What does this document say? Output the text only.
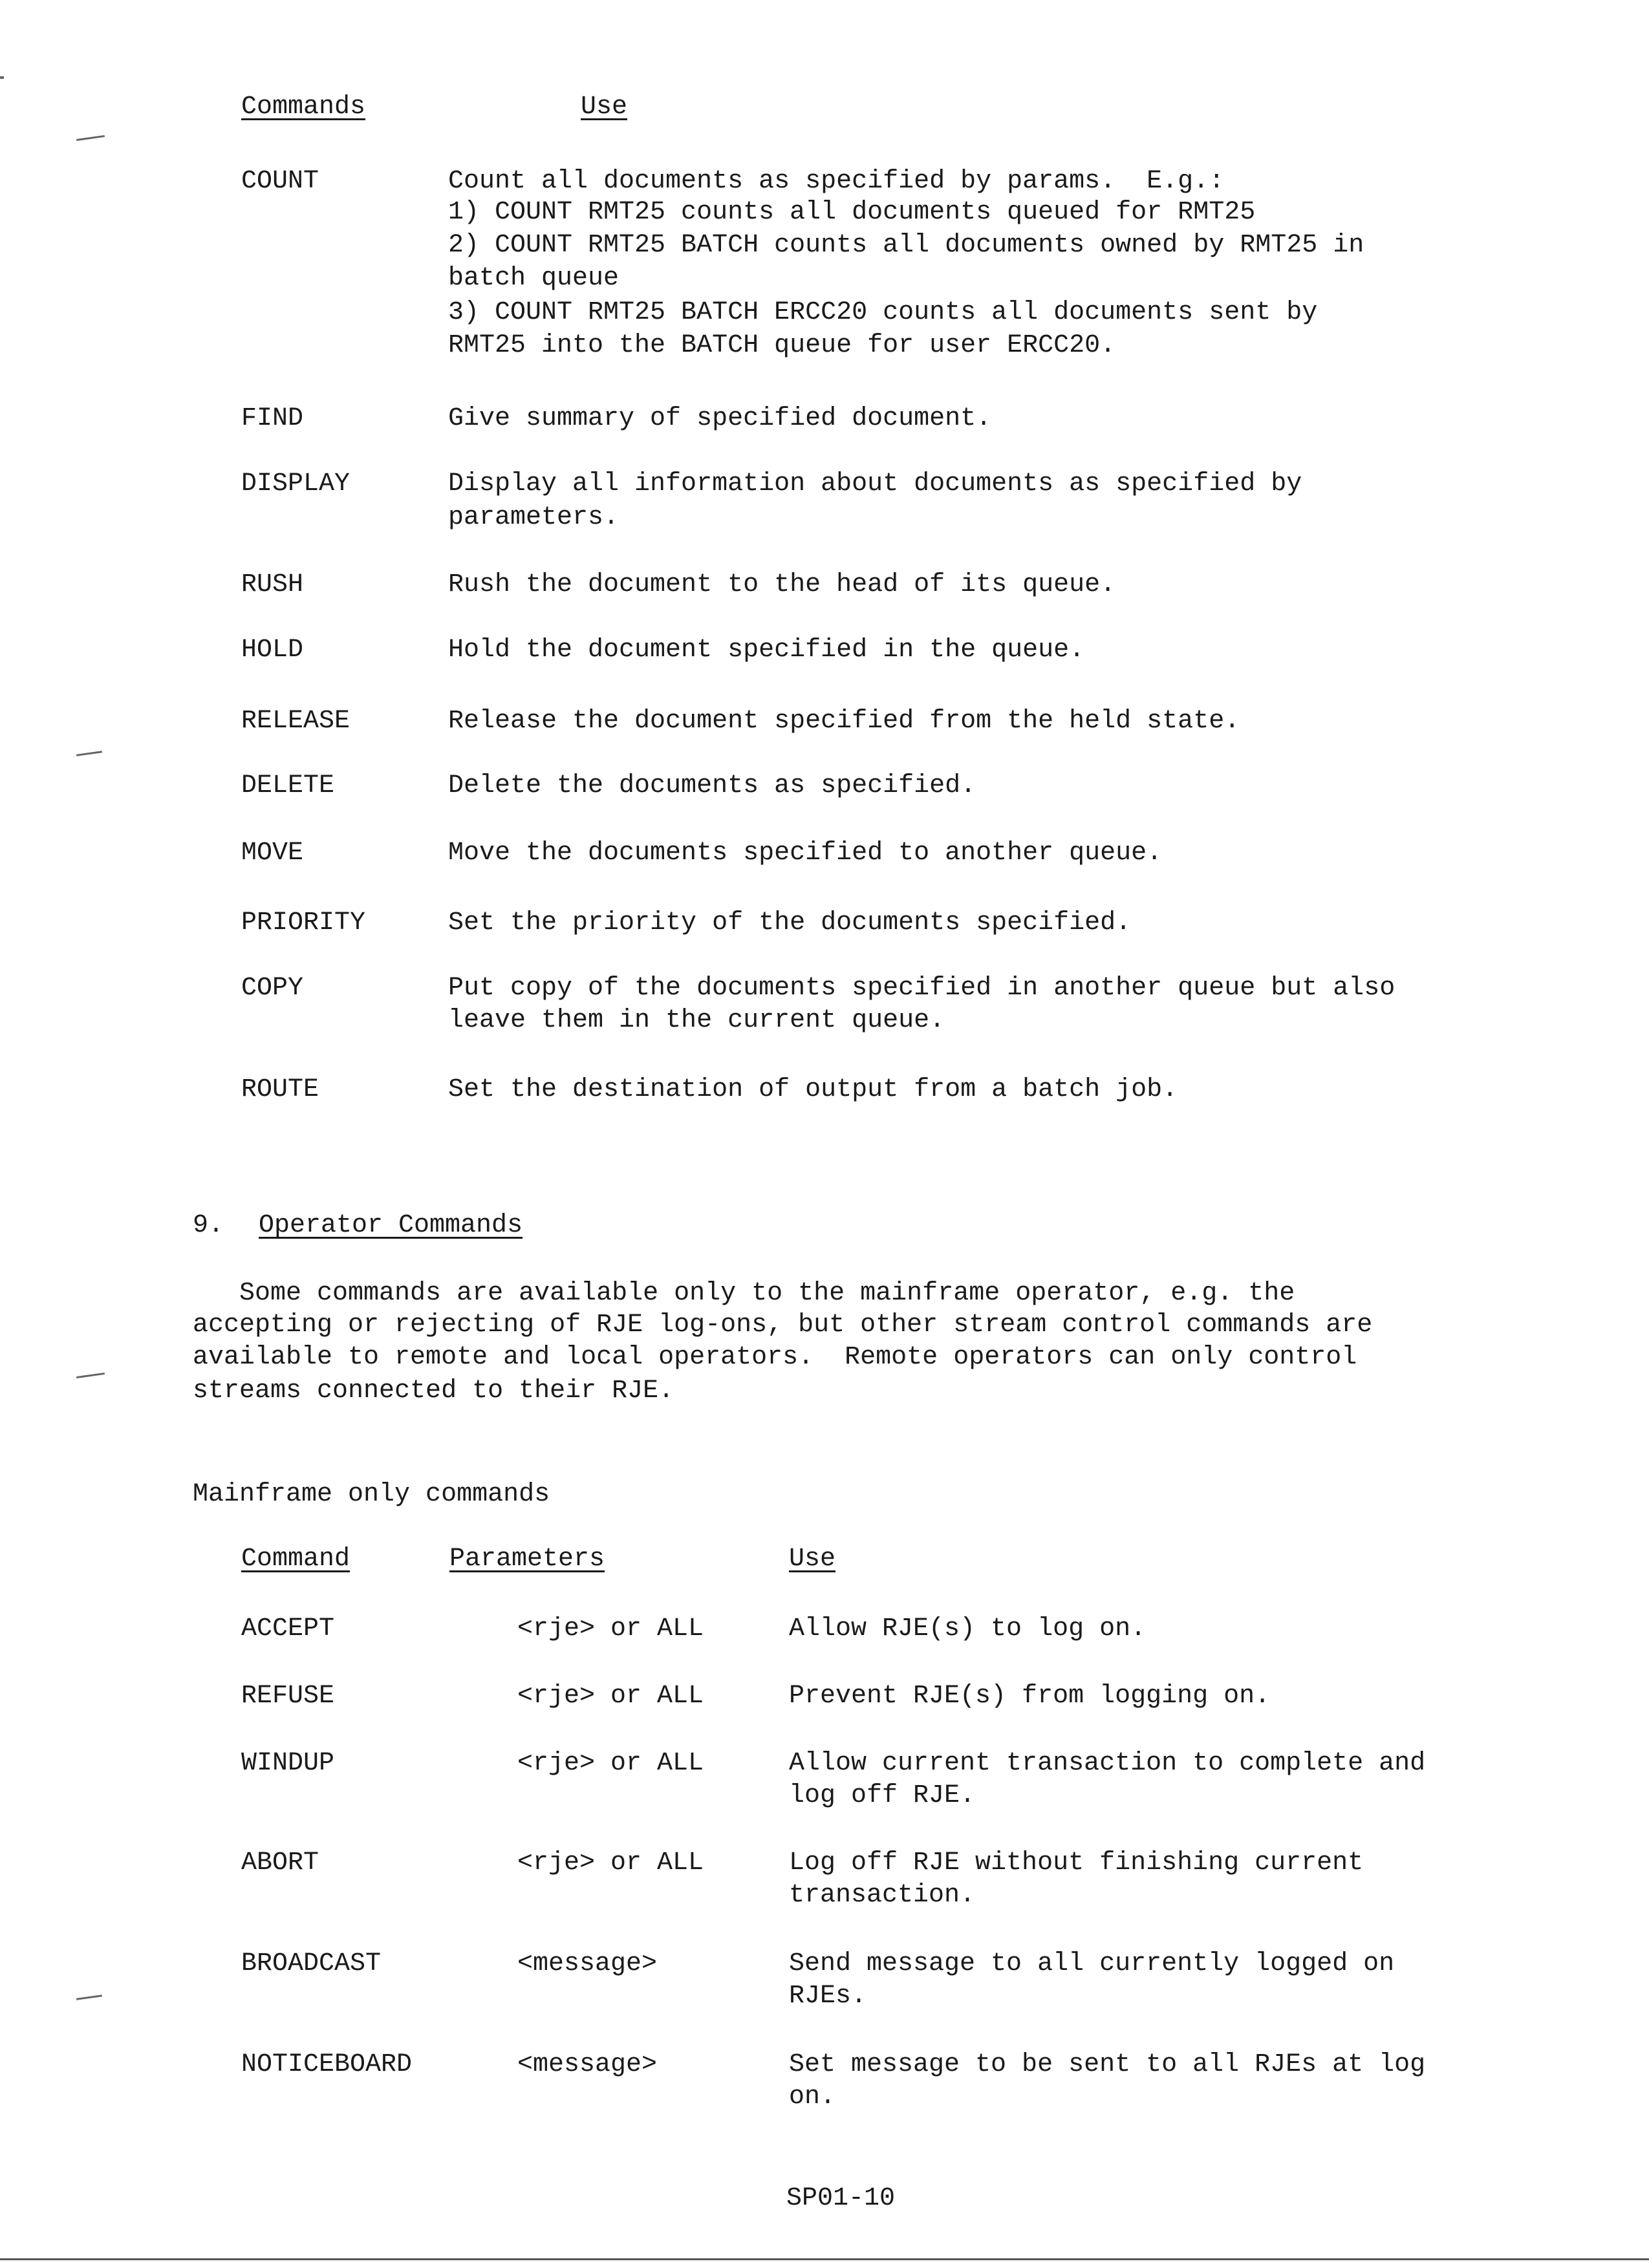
Commands	Use
COUNT	Count all documents as specified by params.  E.g.:
1) COUNT RMT25 counts all documents queued for RMT25
2) COUNT RMT25 BATCH counts all documents owned by RMT25 in
batch queue
3) COUNT RMT25 BATCH ERCC20 counts all documents sent by
RMT25 into the BATCH queue for user ERCC20.
FIND	Give summary of specified document.
DISPLAY	Display all information about documents as specified by
parameters.
RUSH	Rush the document to the head of its queue.
HOLD	Hold the document specified in the queue.
RELEASE	Release the document specified from the held state.
DELETE	Delete the documents as specified.
MOVE	Move the documents specified to another queue.
PRIORITY	Set the priority of the documents specified.
COPY	Put copy of the documents specified in another queue but also
leave them in the current queue.
ROUTE	Set the destination of output from a batch job.
9. Operator Commands
Some commands are available only to the mainframe operator, e.g. the
accepting or rejecting of RJE log-ons, but other stream control commands are
available to remote and local operators.  Remote operators can only control
streams connected to their RJE.
Mainframe only commands
Command	Parameters	Use
ACCEPT	<rje> or ALL	Allow RJE(s) to log on.
REFUSE	<rje> or ALL	Prevent RJE(s) from logging on.
WINDUP	<rje> or ALL	Allow current transaction to complete and
log off RJE.
ABORT	<rje> or ALL	Log off RJE without finishing current
transaction.
BROADCAST	<message>	Send message to all currently logged on
RJEs.
NOTICEBOARD	<message>	Set message to be sent to all RJEs at log
on.
SP01-10
